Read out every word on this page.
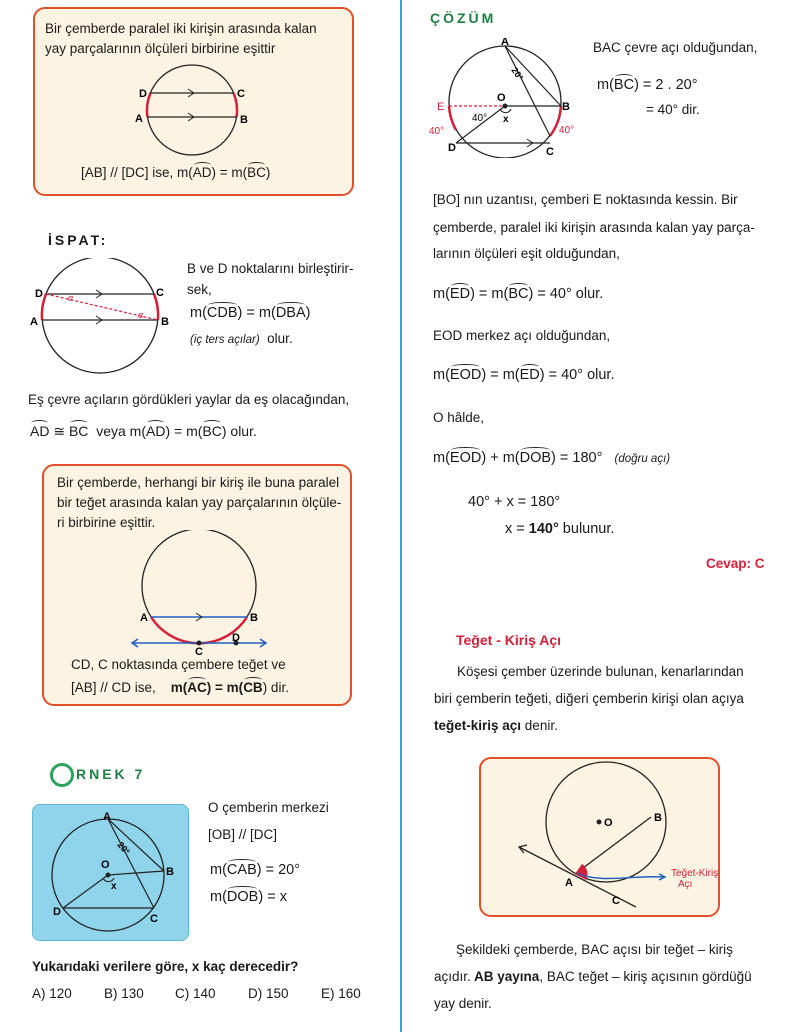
Bir çemberde paralel iki kirişin arasında kalan
yay parçalarının ölçüleri birbirine eşittir
D	C
A	B
[AB] // [DC] ise, m(AD) = m(BC)
İSPAT:
α
α
D	C
A	B
B ve D noktalarını birleştirir-
sek,
m(CDB) = m(DBA)
(iç ters açılar) olur.
Eş çevre açıların gördükleri yaylar da eş olacağından,
AD ≅ BC veya m(AD) = m(BC) olur.
Bir çemberde, herhangi bir kiriş ile buna paralel
bir teğet arasında kalan yay parçalarının ölçüle-
ri birbirine eşittir.
A	B
C
D
CD, C noktasında çembere teğet ve
[AB] // CD ise, m(AC) = m(CB) dir.
RNEK 7
20°
x
A
B
C
D
O
O çemberin merkezi
[OB] // [DC]
m(CAB) = 20°
m(DOB) = x
Yukarıdaki verilere göre, x kaç derecedir?
A) 120 B) 130 C) 140 D) 150 E) 160
ÇÖZÜM
20°
x
A
B
C
D
E
O
40°
40°
40°
BAC çevre açı olduğundan,
m(BC) = 2 . 20°
= 40° dir.
[BO] nın uzantısı, çemberi E noktasında kessin. Bir
çemberde, paralel iki kirişin arasında kalan yay parça-
larının ölçüleri eşit olduğundan,
m(ED) = m(BC) = 40° olur.
EOD merkez açı olduğundan,
m(EOD) = m(ED) = 40° olur.
O hâlde,
m(EOD) + m(DOB) = 180° (doğru açı)
40° + x = 180°
x = 140° bulunur.
Cevap: C
Teğet - Kiriş Açı
Köşesi çember üzerinde bulunan, kenarlarından
biri çemberin teğeti, diğeri çemberin kirişi olan açıya
teğet-kiriş açı denir.
O	B
A
C
Teğet-Kiriş
Açı
Şekildeki çemberde, BAC açısı bir teğet – kiriş
açıdır. AB yayına, BAC teğet – kiriş açısının gördüğü
yay denir.
